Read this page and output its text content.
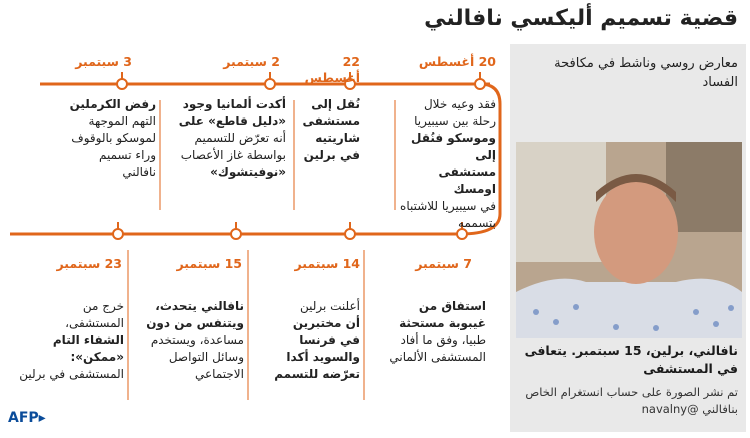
قضية تسميم أليكسي نافالني
20 أغسطس
فقد وعيه خلال
رحلة بين سيبيريا
وموسكو فنُقل إلى
مستشفى اومسك
في سيبيريا للاشتباه
بتسممه
22 أغسطس
نُقل إلى
مستشفى
شاريتيه
في برلين
2 سبتمبر
أكدت ألمانيا وجود
«دليل قاطع» على
أنه تعرّض للتسميم
بواسطة غاز الأعصاب
«نوفيتشوك»
3 سبتمبر
رفض الكرملين
التهم الموجهة
لموسكو بالوقوف
وراء تسميم
نافالني
7 سبتمبر
استفاق من
غيبوبة مستحثة
طبيا، وفق ما أفاد
المستشفى الألماني
14 سبتمبر
أعلنت برلين
أن مختبرين
في فرنسا
والسويد أكدا
تعرّضه للتسمم
15 سبتمبر
نافالني يتحدث،
ويتنفس من دون
مساعدة، ويستخدم
وسائل التواصل
الاجتماعي
23 سبتمبر
خرج من
المستشفى،
الشفاء التام
«ممكن»:
المستشفى في برلين
معارض روسي وناشط في مكافحة الفساد
نافالني، برلين، 15 سبتمبر. يتعافى في المستشفى
تم نشر الصورة على حساب انستغرام الخاص بنافالني @navalny
AFP▸
